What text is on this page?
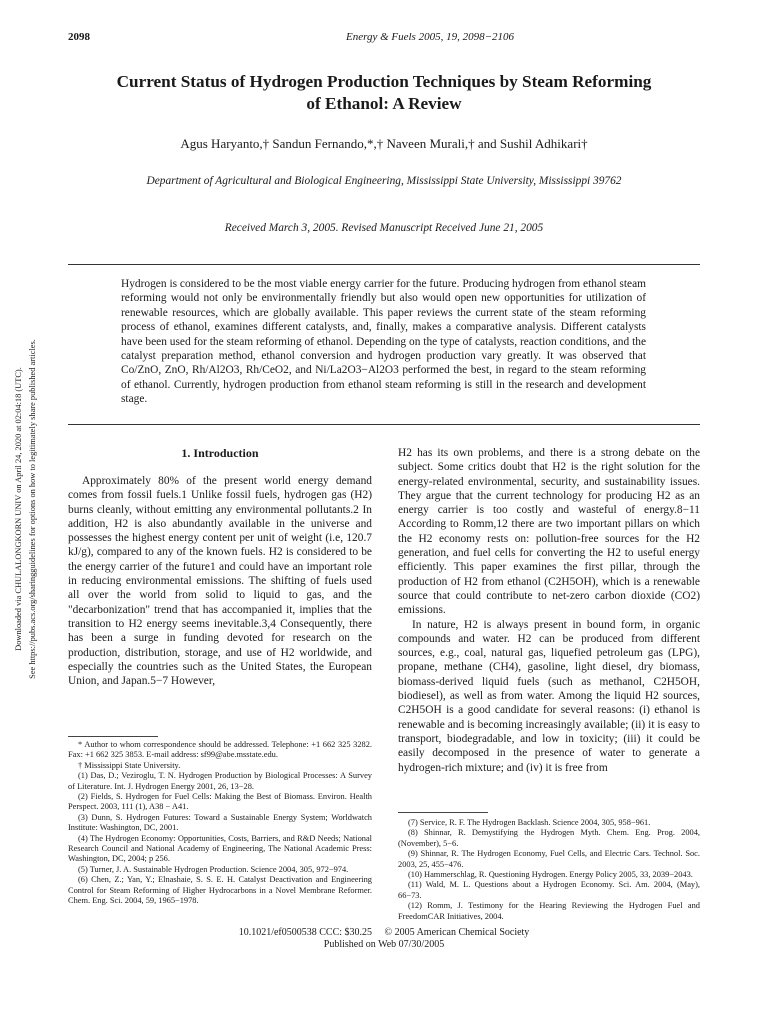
2098	Energy & Fuels 2005, 19, 2098−2106
Current Status of Hydrogen Production Techniques by Steam Reforming of Ethanol: A Review
Agus Haryanto,† Sandun Fernando,*,† Naveen Murali,† and Sushil Adhikari†
Department of Agricultural and Biological Engineering, Mississippi State University, Mississippi 39762
Received March 3, 2005. Revised Manuscript Received June 21, 2005
Hydrogen is considered to be the most viable energy carrier for the future. Producing hydrogen from ethanol steam reforming would not only be environmentally friendly but also would open new opportunities for utilization of renewable resources, which are globally available. This paper reviews the current state of the steam reforming process of ethanol, examines different catalysts, and, finally, makes a comparative analysis. Different catalysts have been used for the steam reforming of ethanol. Depending on the type of catalysts, reaction conditions, and the catalyst preparation method, ethanol conversion and hydrogen production vary greatly. It was observed that Co/ZnO, ZnO, Rh/Al2O3, Rh/CeO2, and Ni/La2O3−Al2O3 performed the best, in regard to the steam reforming of ethanol. Currently, hydrogen production from ethanol steam reforming is still in the research and development stage.
Downloaded via CHULALONGKORN UNIV on April 24, 2020 at 02:04:18 (UTC). See https://pubs.acs.org/sharingguidelines for options on how to legitimately share published articles.	1. Introduction

Approximately 80% of the present world energy demand comes from fossil fuels.1 Unlike fossil fuels, hydrogen gas (H2) burns cleanly, without emitting any environmental pollutants.2 In addition, H2 is also abundantly available in the universe and possesses the highest energy content per unit of weight (i.e, 120.7 kJ/g), compared to any of the known fuels. H2 is considered to be the energy carrier of the future1 and could have an important role in reducing environmental emissions. The shifting of fuels used all over the world from solid to liquid to gas, and the "decarbonization" trend that has accompanied it, implies that the transition to H2 energy seems inevitable.3,4 Consequently, there has been a surge in funding devoted for research on the production, distribution, storage, and use of H2 worldwide, and especially the countries such as the United States, the European Union, and Japan.5−7 However,

H2 has its own problems, and there is a strong debate on the subject. Some critics doubt that H2 is the right solution for the energy-related environmental, security, and sustainability issues. They argue that the current technology for producing H2 as an energy carrier is too costly and wasteful of energy.8−11 According to Romm,12 there are two important pillars on which the H2 economy rests on: pollution-free sources for the H2 generation, and fuel cells for converting the H2 to useful energy efficiently. This paper examines the first pillar, through the production of H2 from ethanol (C2H5OH), which is a renewable source that could contribute to net-zero carbon dioxide (CO2) emissions.

In nature, H2 is always present in bound form, in organic compounds and water. H2 can be produced from different sources, e.g., coal, natural gas, liquefied petroleum gas (LPG), propane, methane (CH4), gasoline, light diesel, dry biomass, biomass-derived liquid fuels (such as methanol, C2H5OH, biodiesel), as well as from water. Among the liquid H2 sources, C2H5OH is a good candidate for several reasons: (i) ethanol is renewable and is becoming increasingly available; (ii) it is easy to transport, biodegradable, and low in toxicity; (iii) it could be easily decomposed in the presence of water to generate a hydrogen-rich mixture; and (iv) it is free from

* Author to whom correspondence should be addressed. Telephone: +1 662 325 3282. Fax: +1 662 325 3853. E-mail address: sf99@abe.msstate.edu.

† Mississippi State University.

(1) Das, D.; Veziroglu, T. N. Hydrogen Production by Biological Processes: A Survey of Literature. Int. J. Hydrogen Energy 2001, 26, 13−28.

(2) Fields, S. Hydrogen for Fuel Cells: Making the Best of Biomass. Environ. Health Perspect. 2003, 111 (1), A38 − A41.

(3) Dunn, S. Hydrogen Futures: Toward a Sustainable Energy System; Worldwatch Institute: Washington, DC, 2001.

(4) The Hydrogen Economy: Opportunities, Costs, Barriers, and R&D Needs; National Research Council and National Academy of Engineering, The National Academic Press: Washington, DC, 2004; p 256.

(5) Turner, J. A. Sustainable Hydrogen Production. Science 2004, 305, 972−974.

(6) Chen, Z.; Yan, Y.; Elnashaie, S. S. E. H. Catalyst Deactivation and Engineering Control for Steam Reforming of Higher Hydrocarbons in a Novel Membrane Reformer. Chem. Eng. Sci. 2004, 59, 1965−1978.

(7) Service, R. F. The Hydrogen Backlash. Science 2004, 305, 958−961.

(8) Shinnar, R. Demystifying the Hydrogen Myth. Chem. Eng. Prog. 2004, (November), 5−6.

(9) Shinnar, R. The Hydrogen Economy, Fuel Cells, and Electric Cars. Technol. Soc. 2003, 25, 455−476.

(10) Hammerschlag, R. Questioning Hydrogen. Energy Policy 2005, 33, 2039−2043.

(11) Wald, M. L. Questions about a Hydrogen Economy. Sci. Am. 2004, (May), 66−73.

(12) Romm, J. Testimony for the Hearing Reviewing the Hydrogen Fuel and FreedomCAR Initiatives, 2004.

10.1021/ef0500538 CCC: $30.25     © 2005 American Chemical Society
Published on Web 07/30/2005
